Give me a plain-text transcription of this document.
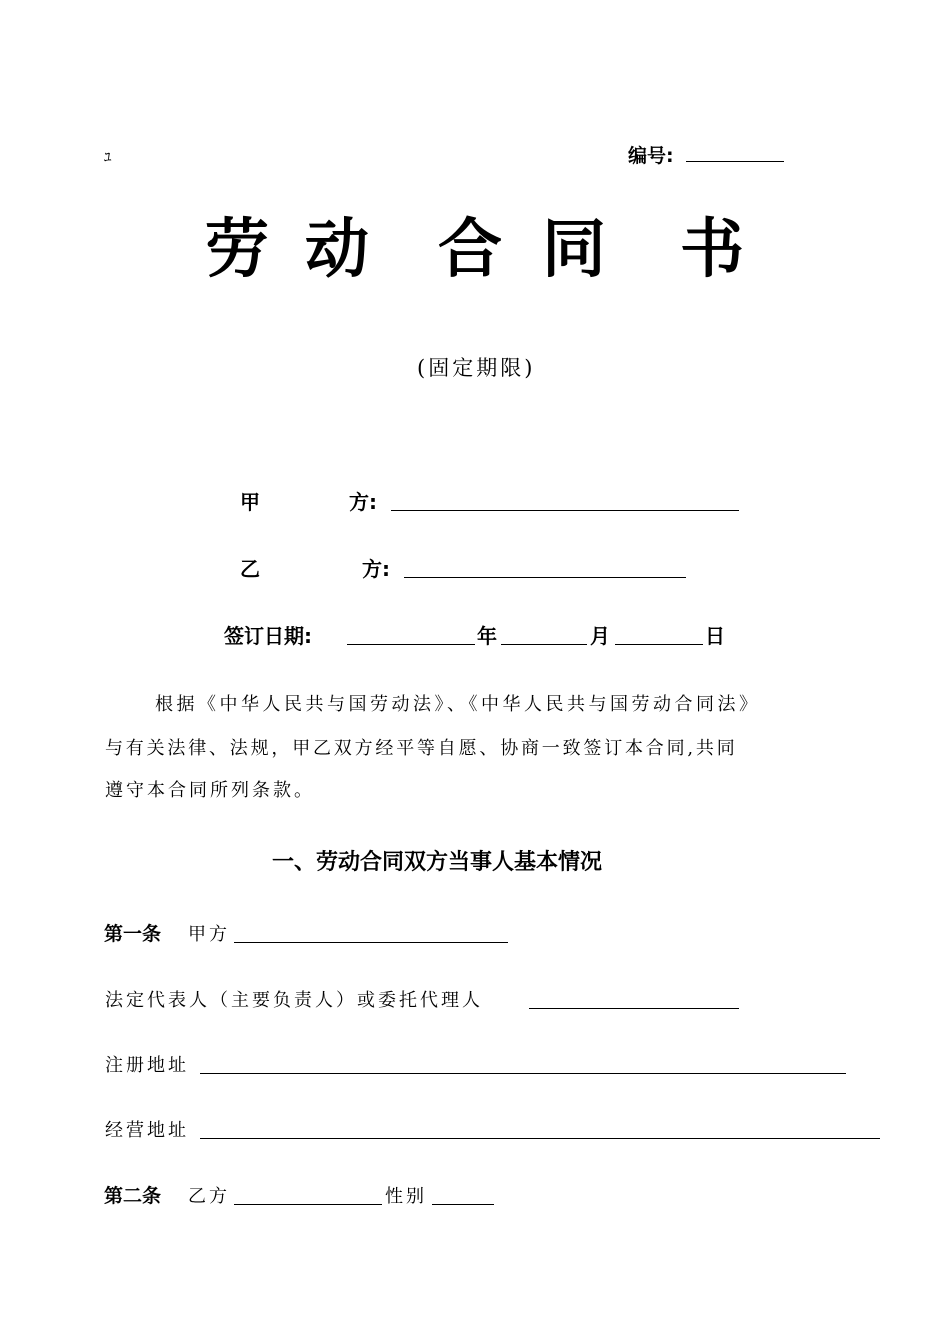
ﾕ	编号:
劳 动 合 同 书
(固定期限)
甲	方:
乙	方:
签订日期:	年	月	日
根据《中华人民共与国劳动法》、《中华人民共与国劳动合同法》
与有关法律、法规，甲乙双方经平等自愿、协商一致签订本合同,共同
遵守本合同所列条款。
一、劳动合同双方当事人基本情况
第一条 甲方
法定代表人（主要负责人）或委托代理人
注册地址
经营地址
第二条 乙方	性别
